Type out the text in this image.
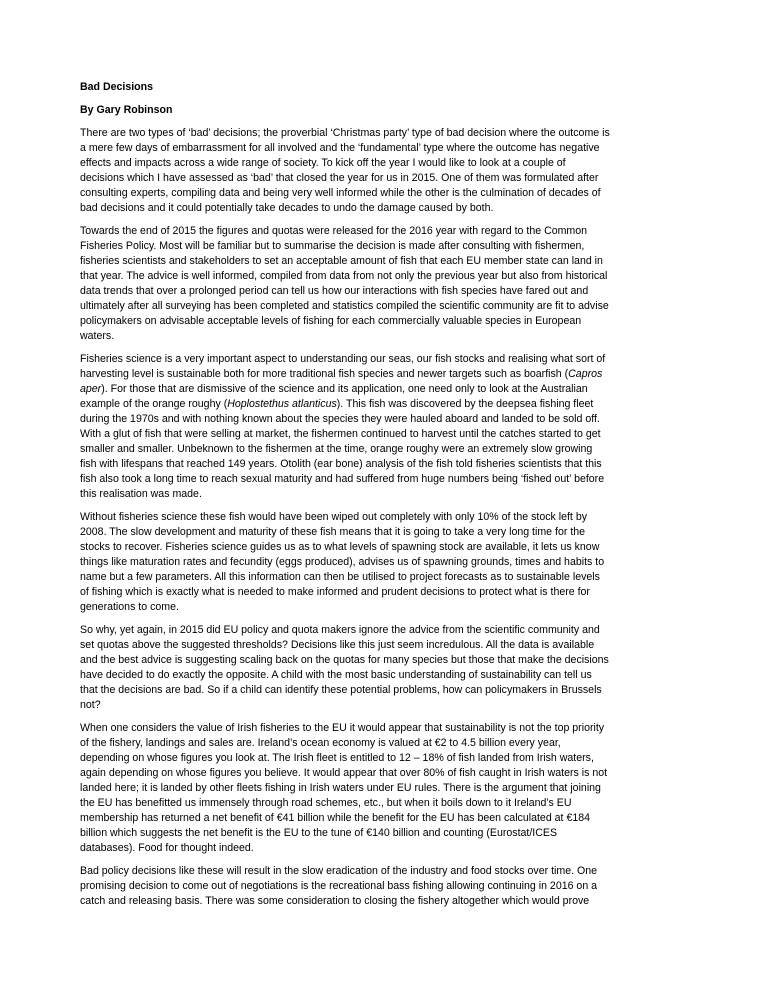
Bad Decisions
By Gary Robinson
There are two types of ‘bad’ decisions; the proverbial ‘Christmas party’ type of bad decision where the outcome is
a mere few days of embarrassment for all involved and the ‘fundamental’ type where the outcome has negative
effects and impacts across a wide range of society. To kick off the year I would like to look at a couple of
decisions which I have assessed as ‘bad’ that closed the year for us in 2015. One of them was formulated after
consulting experts, compiling data and being very well informed while the other is the culmination of decades of
bad decisions and it could potentially take decades to undo the damage caused by both.
Towards the end of 2015 the figures and quotas were released for the 2016 year with regard to the Common
Fisheries Policy. Most will be familiar but to summarise the decision is made after consulting with fishermen,
fisheries scientists and stakeholders to set an acceptable amount of fish that each EU member state can land in
that year. The advice is well informed, compiled from data from not only the previous year but also from historical
data trends that over a prolonged period can tell us how our interactions with fish species have fared out and
ultimately after all surveying has been completed and statistics compiled the scientific community are fit to advise
policymakers on advisable acceptable levels of fishing for each commercially valuable species in European
waters.
Fisheries science is a very important aspect to understanding our seas, our fish stocks and realising what sort of
harvesting level is sustainable both for more traditional fish species and newer targets such as boarfish (Capros
aper). For those that are dismissive of the science and its application, one need only to look at the Australian
example of the orange roughy (Hoplostethus atlanticus). This fish was discovered by the deepsea fishing fleet
during the 1970s and with nothing known about the species they were hauled aboard and landed to be sold off.
With a glut of fish that were selling at market, the fishermen continued to harvest until the catches started to get
smaller and smaller. Unbeknown to the fishermen at the time, orange roughy were an extremely slow growing
fish with lifespans that reached 149 years. Otolith (ear bone) analysis of the fish told fisheries scientists that this
fish also took a long time to reach sexual maturity and had suffered from huge numbers being ‘fished out’ before
this realisation was made.
Without fisheries science these fish would have been wiped out completely with only 10% of the stock left by
2008. The slow development and maturity of these fish means that it is going to take a very long time for the
stocks to recover. Fisheries science guides us as to what levels of spawning stock are available, it lets us know
things like maturation rates and fecundity (eggs produced), advises us of spawning grounds, times and habits to
name but a few parameters. All this information can then be utilised to project forecasts as to sustainable levels
of fishing which is exactly what is needed to make informed and prudent decisions to protect what is there for
generations to come.
So why, yet again, in 2015 did EU policy and quota makers ignore the advice from the scientific community and
set quotas above the suggested thresholds? Decisions like this just seem incredulous. All the data is available
and the best advice is suggesting scaling back on the quotas for many species but those that make the decisions
have decided to do exactly the opposite. A child with the most basic understanding of sustainability can tell us
that the decisions are bad. So if a child can identify these potential problems, how can policymakers in Brussels
not?
When one considers the value of Irish fisheries to the EU it would appear that sustainability is not the top priority
of the fishery, landings and sales are. Ireland’s ocean economy is valued at €2 to 4.5 billion every year,
depending on whose figures you look at. The Irish fleet is entitled to 12 – 18% of fish landed from Irish waters,
again depending on whose figures you believe. It would appear that over 80% of fish caught in Irish waters is not
landed here; it is landed by other fleets fishing in Irish waters under EU rules. There is the argument that joining
the EU has benefitted us immensely through road schemes, etc., but when it boils down to it Ireland’s EU
membership has returned a net benefit of €41 billion while the benefit for the EU has been calculated at €184
billion which suggests the net benefit is the EU to the tune of €140 billion and counting (Eurostat/ICES
databases). Food for thought indeed.
Bad policy decisions like these will result in the slow eradication of the industry and food stocks over time. One
promising decision to come out of negotiations is the recreational bass fishing allowing continuing in 2016 on a
catch and releasing basis. There was some consideration to closing the fishery altogether which would prove
